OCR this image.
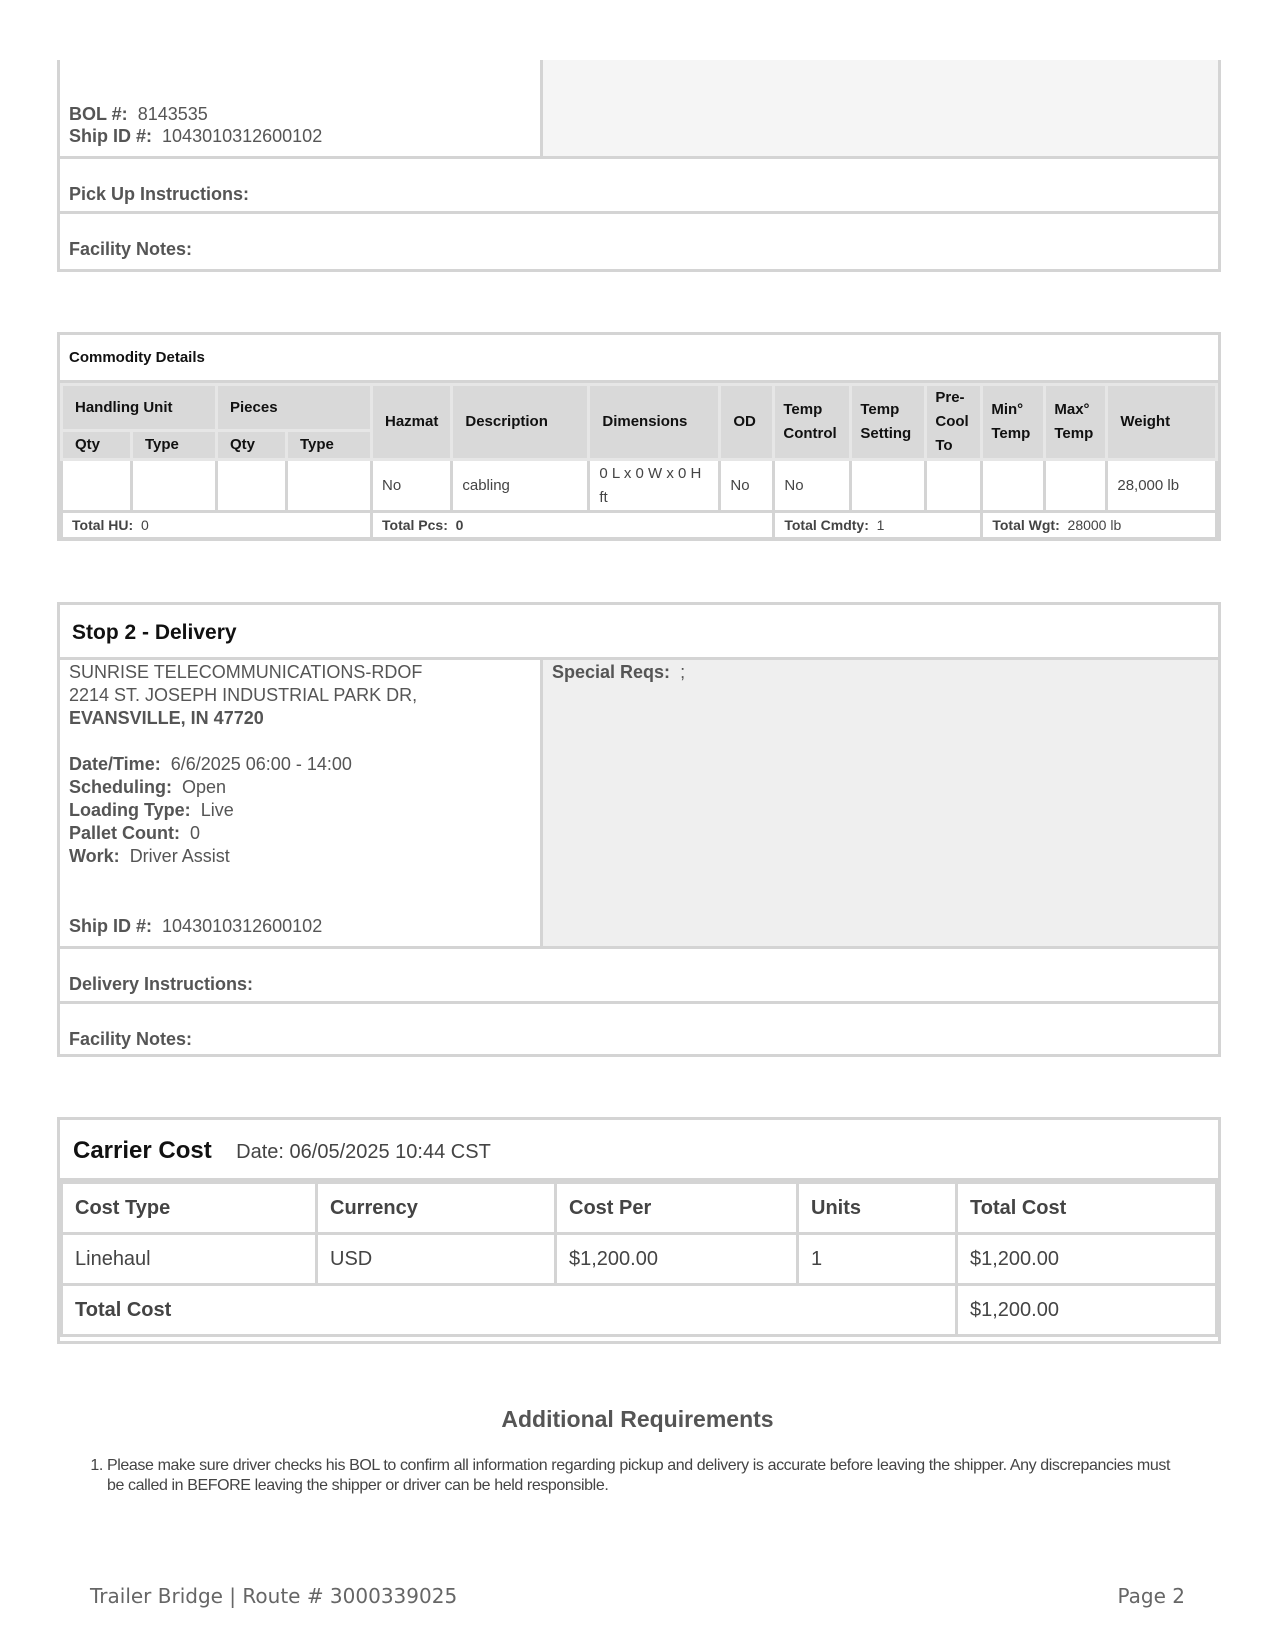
BOL #: 8143535
Ship ID #: 1043010312600102
Pick Up Instructions:
Facility Notes:
Commodity Details
Handling Unit		Pieces		Hazmat	Description	Dimensions	OD	Temp Control	Temp Setting	Pre-Cool To	Min° Temp	Max° Temp	Weight
Qty	Type	Qty	Type										
				No	cabling	0 L x 0 W x 0 H ft	No	No					28,000 lb
Total HU: 0				Total Pcs: 0				Total Cmdty: 1			Total Wgt: 28000 lb		
Stop 2 - Delivery
SUNRISE TELECOMMUNICATIONS-RDOF
2214 ST. JOSEPH INDUSTRIAL PARK DR,
EVANSVILLE, IN 47720
Date/Time: 6/6/2025 06:00 - 14:00
Scheduling: Open
Loading Type: Live
Pallet Count: 0
Work: Driver Assist
Ship ID #: 1043010312600102
Special Reqs: ;
Delivery Instructions:
Facility Notes:
Carrier Cost Date: 06/05/2025 10:44 CST
Cost Type	Currency	Cost Per	Units	Total Cost
Linehaul	USD	$1,200.00	1	$1,200.00
Total Cost				$1,200.00
Additional Requirements
1. Please make sure driver checks his BOL to confirm all information regarding pickup and delivery is accurate before leaving the shipper. Any discrepancies must be called in BEFORE leaving the shipper or driver can be held responsible.
Trailer Bridge | Route # 3000339025	Page 2
